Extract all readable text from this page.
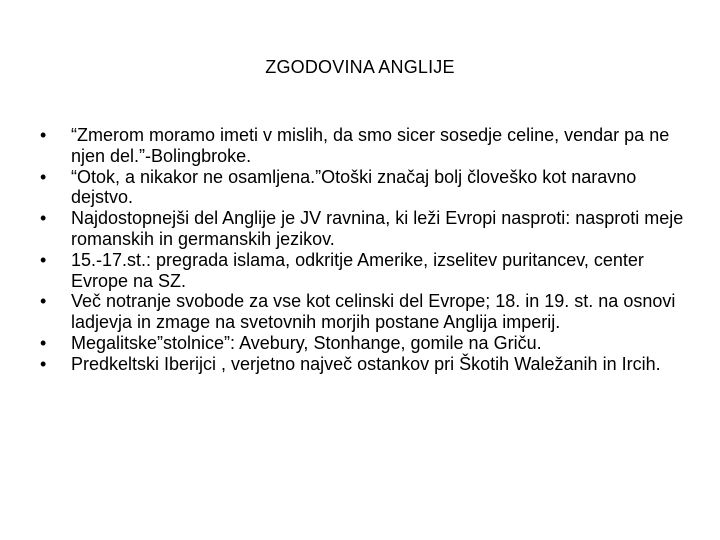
ZGODOVINA ANGLIJE
•	“Zmerom moramo imeti v mislih, da smo sicer sosedje celine, vendar pa ne njen del.”-Bolingbroke.
•	“Otok, a nikakor ne osamljena.”Otoški značaj bolj človeško kot naravno dejstvo.
•	Najdostopnejši del Anglije je JV ravnina, ki leži Evropi nasproti: nasproti meje romanskih in germanskih jezikov.
•	15.-17.st.: pregrada islama, odkritje Amerike, izselitev puritancev, center Evrope na SZ.
•	Več notranje svobode za vse kot celinski del Evrope; 18. in 19. st. na osnovi ladjevja in zmage na svetovnih morjih postane Anglija imperij.
•	Megalitske”stolnice”: Avebury, Stonhange, gomile na Griču.
•	Predkeltski Iberijci , verjetno največ ostankov pri Škotih Waležanih in Ircih.
